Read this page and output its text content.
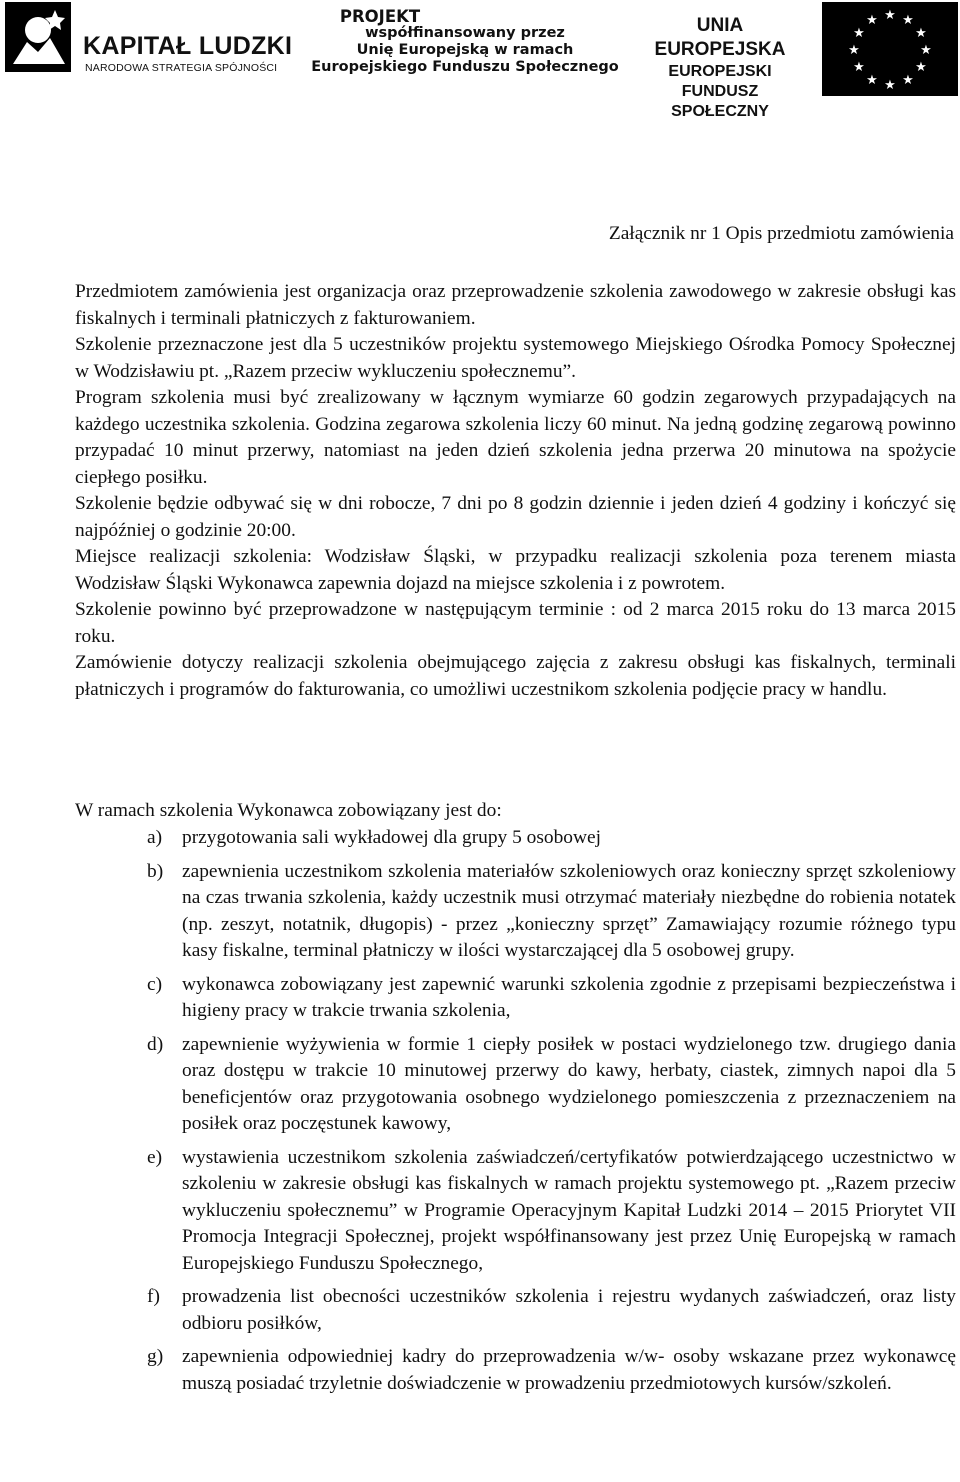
KAPITAŁ LUDZKI
NARODOWA STRATEGIA SPÓJNOŚCI
PROJEKT
współfinansowany przez
Unię Europejską w ramach
Europejskiego Funduszu Społecznego
UNIA EUROPEJSKA
EUROPEJSKI
FUNDUSZ SPOŁECZNY
★ ★
★
★
★
★
★
★
★
★
★
★
Załącznik nr 1 Opis przedmiotu zamówienia

Przedmiotem zamówienia jest organizacja oraz przeprowadzenie szkolenia zawodowego w zakresie obsługi kas fiskalnych i terminali płatniczych z fakturowaniem.

Szkolenie przeznaczone jest dla 5 uczestników projektu systemowego Miejskiego Ośrodka Pomocy Społecznej w Wodzisławiu pt. „Razem przeciw wykluczeniu społecznemu”.

Program szkolenia musi być zrealizowany w łącznym wymiarze 60 godzin zegarowych przypadających na każdego uczestnika szkolenia. Godzina zegarowa szkolenia liczy 60 minut. Na jedną godzinę zegarową powinno przypadać 10 minut przerwy, natomiast na jeden dzień szkolenia jedna przerwa 20 minutowa na spożycie ciepłego posiłku.

Szkolenie będzie odbywać się w dni robocze, 7 dni po 8 godzin dziennie i jeden dzień 4 godziny i kończyć się najpóźniej o godzinie 20:00.

Miejsce realizacji szkolenia: Wodzisław Śląski, w przypadku realizacji szkolenia poza terenem miasta Wodzisław Śląski Wykonawca zapewnia dojazd na miejsce szkolenia i z powrotem.

Szkolenie powinno być przeprowadzone w następującym terminie : od 2 marca 2015 roku do 13 marca 2015 roku.

Zamówienie dotyczy realizacji szkolenia obejmującego zajęcia z zakresu obsługi kas fiskalnych, terminali płatniczych i programów do fakturowania, co umożliwi uczestnikom szkolenia podjęcie pracy w handlu.

W ramach szkolenia Wykonawca zobowiązany jest do:
a) przygotowania sali wykładowej dla grupy 5 osobowej
b) zapewnienia uczestnikom szkolenia materiałów szkoleniowych oraz konieczny sprzęt szkoleniowy na czas trwania szkolenia, każdy uczestnik musi otrzymać materiały niezbędne do robienia notatek (np. zeszyt, notatnik, długopis) - przez „konieczny sprzęt” Zamawiający rozumie różnego typu kasy fiskalne, terminal płatniczy w ilości wystarczającej dla 5 osobowej grupy.
c) wykonawca zobowiązany jest zapewnić warunki szkolenia zgodnie z przepisami bezpieczeństwa i higieny pracy w trakcie trwania szkolenia,
d) zapewnienie wyżywienia w formie 1 ciepły posiłek w postaci wydzielonego tzw. drugiego dania oraz dostępu w trakcie 10 minutowej przerwy do kawy, herbaty, ciastek, zimnych napoi dla 5 beneficjentów oraz przygotowania osobnego wydzielonego pomieszczenia z przeznaczeniem na posiłek oraz poczęstunek kawowy,
e) wystawienia uczestnikom szkolenia zaświadczeń/certyfikatów potwierdzającego uczestnictwo w szkoleniu w zakresie obsługi kas fiskalnych w ramach projektu systemowego pt. „Razem przeciw wykluczeniu społecznemu” w Programie Operacyjnym Kapitał Ludzki 2014 – 2015 Priorytet VII Promocja Integracji Społecznej, projekt współfinansowany jest przez Unię Europejską w ramach Europejskiego Funduszu Społecznego,
f) prowadzenia list obecności uczestników szkolenia i rejestru wydanych zaświadczeń, oraz listy odbioru posiłków,
g) zapewnienia odpowiedniej kadry do przeprowadzenia w/w- osoby wskazane przez wykonawcę muszą posiadać trzyletnie doświadczenie w prowadzeniu przedmiotowych kursów/szkoleń.
